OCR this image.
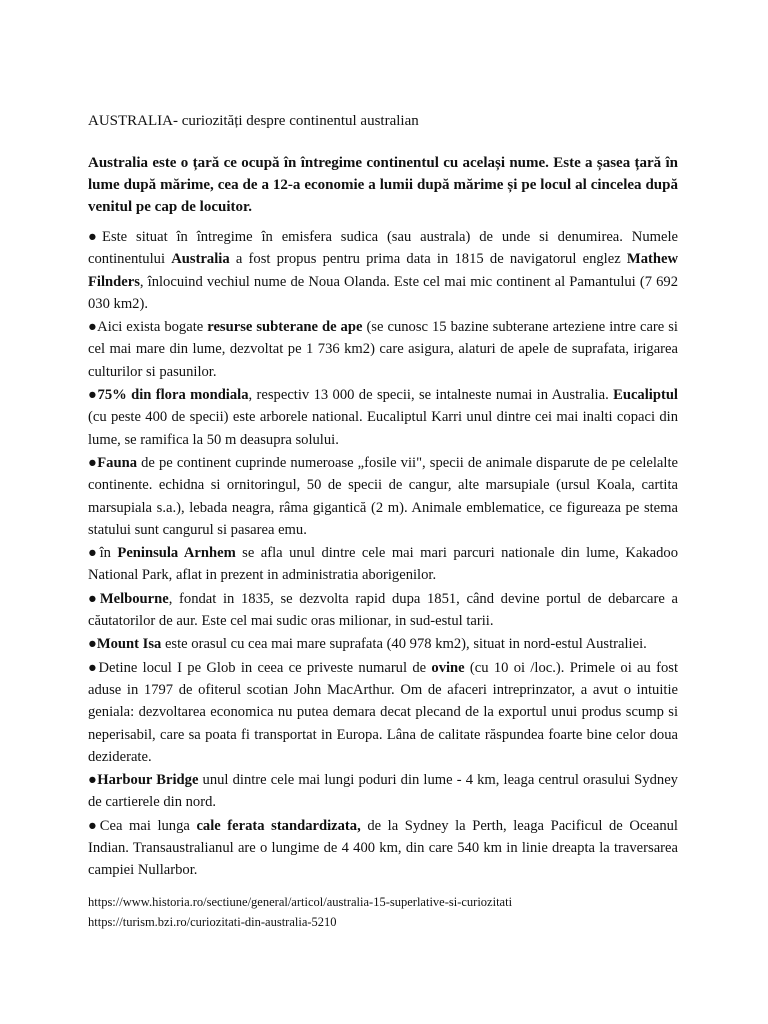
AUSTRALIA- curiozități despre continentul australian
Australia este o țară ce ocupă în întregime continentul cu același nume. Este a șasea țară în lume după mărime, cea de a 12-a economie a lumii după mărime și pe locul al cincelea după venitul pe cap de locuitor.
●Este situat în întregime în emisfera sudica (sau australa) de unde si denumirea. Numele continentului Australia a fost propus pentru prima data in 1815 de navigatorul englez Mathew Filnders, înlocuind vechiul nume de Noua Olanda. Este cel mai mic continent al Pamantului (7 692 030 km2).
●Aici exista bogate resurse subterane de ape (se cunosc 15 bazine subterane arteziene intre care si cel mai mare din lume, dezvoltat pe 1 736 km2) care asigura, alaturi de apele de suprafata, irigarea culturilor si pasunilor.
●75% din flora mondiala, respectiv 13 000 de specii, se intalneste numai in Australia. Eucaliptul (cu peste 400 de specii) este arborele national. Eucaliptul Karri unul dintre cei mai inalti copaci din lume, se ramifica la 50 m deasupra solului.
●Fauna de pe continent cuprinde numeroase „fosile vii", specii de animale disparute de pe celelalte continente. echidna si ornitoringul, 50 de specii de cangur, alte marsupiale (ursul Koala, cartita marsupiala s.a.), lebada neagra, râma gigantică (2 m). Animale emblematice, ce figureaza pe stema statului sunt cangurul si pasarea emu.
●în Peninsula Arnhem se afla unul dintre cele mai mari parcuri nationale din lume, Kakadoo National Park, aflat in prezent in administratia aborigenilor.
●Melbourne, fondat in 1835, se dezvolta rapid dupa 1851, când devine portul de debarcare a căutatorilor de aur. Este cel mai sudic oras milionar, in sud-estul tarii.
●Mount Isa este orasul cu cea mai mare suprafata (40 978 km2), situat in nord-estul Australiei.
●Detine locul I pe Glob in ceea ce priveste numarul de ovine (cu 10 oi /loc.). Primele oi au fost aduse in 1797 de ofiterul scotian John MacArthur. Om de afaceri intreprinzator, a avut o intuitie geniala: dezvoltarea economica nu putea demara decat plecand de la exportul unui produs scump si neperisabil, care sa poata fi transportat in Europa. Lâna de calitate răspundea foarte bine celor doua deziderate.
●Harbour Bridge unul dintre cele mai lungi poduri din lume - 4 km, leaga centrul orasului Sydney de cartierele din nord.
●Cea mai lunga cale ferata standardizata, de la Sydney la Perth, leaga Pacificul de Oceanul Indian. Transaustralianul are o lungime de 4 400 km, din care 540 km in linie dreapta la traversarea campiei Nullarbor.
https://www.historia.ro/sectiune/general/articol/australia-15-superlative-si-curiozitati
https://turism.bzi.ro/curiozitati-din-australia-5210
